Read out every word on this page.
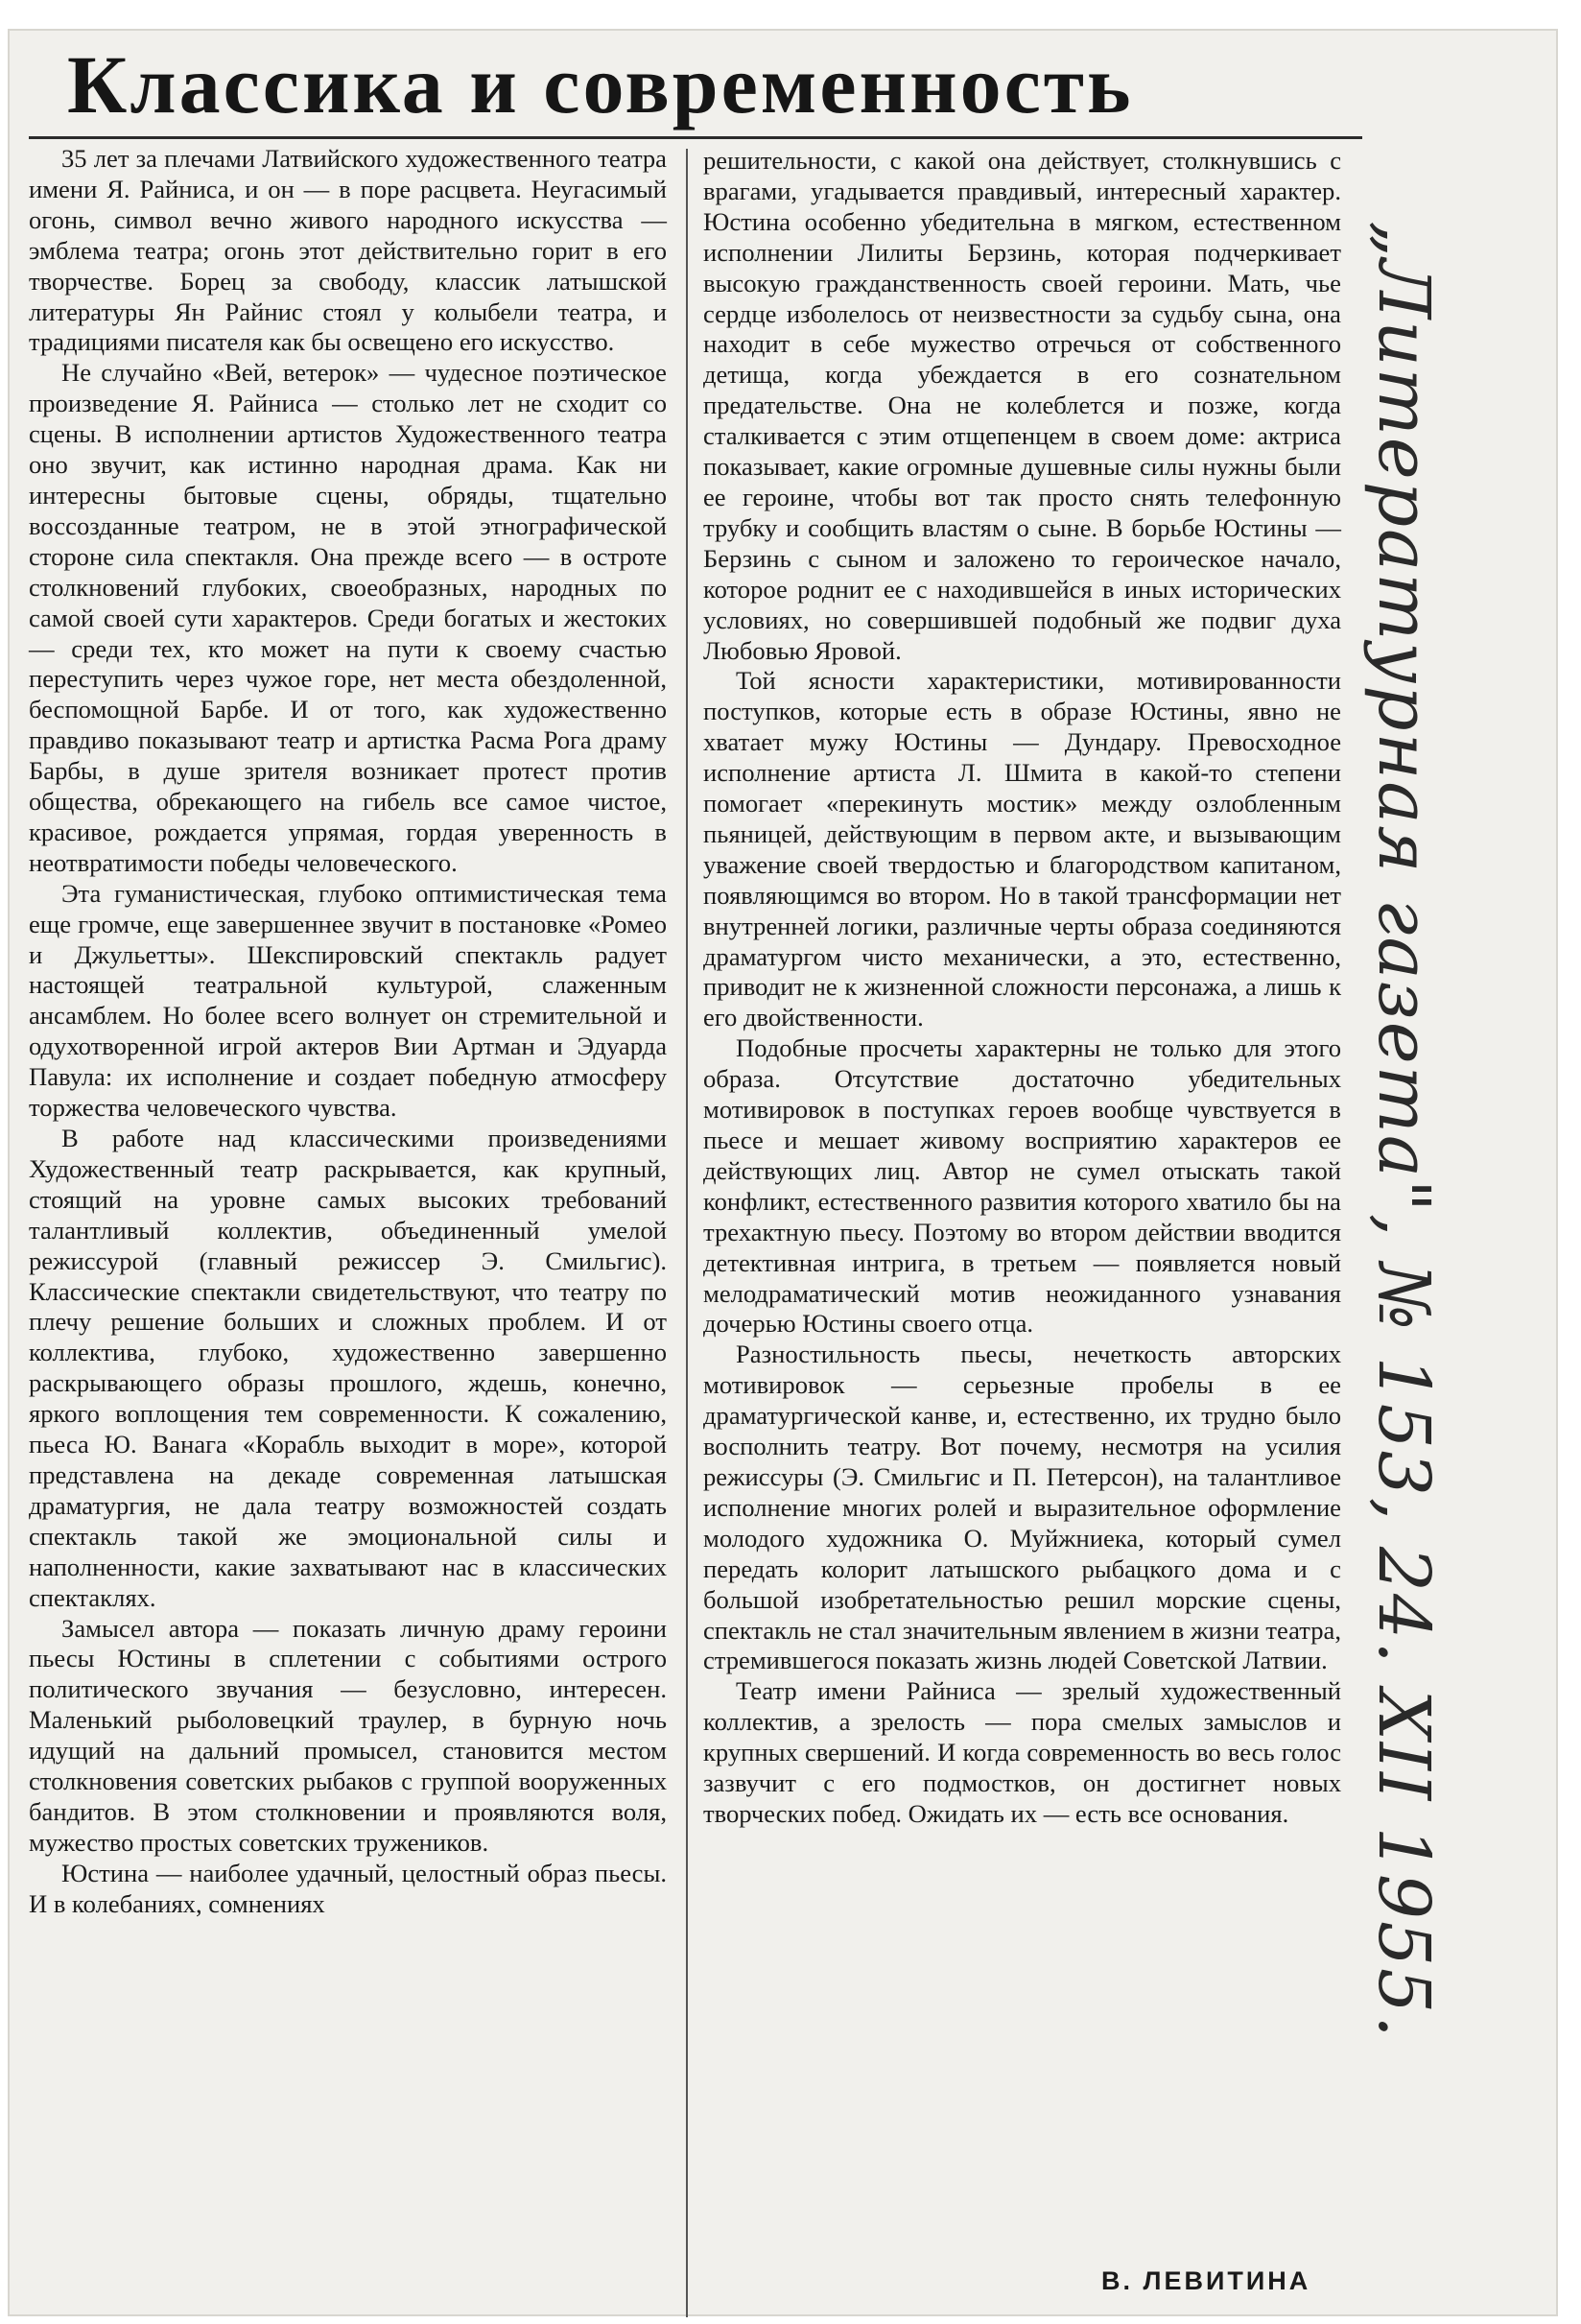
Классика и современность

35 лет за плечами Латвийского художественного театра имени Я. Райниса, и он — в поре расцвета. Неугасимый огонь, символ вечно живого народного искусства — эмблема театра; огонь этот действительно горит в его творчестве. Борец за свободу, классик латышской литературы Ян Райнис стоял у колыбели театра, и традициями писателя как бы освещено его искусство.

Не случайно «Вей, ветерок» — чудесное поэтическое произведение Я. Райниса — столько лет не сходит со сцены. В исполнении артистов Художественного театра оно звучит, как истинно народная драма. Как ни интересны бытовые сцены, обряды, тщательно воссозданные театром, не в этой этнографической стороне сила спектакля. Она прежде всего — в остроте столкновений глубоких, своеобразных, народных по самой своей сути характеров. Среди богатых и жестоких — среди тех, кто может на пути к своему счастью переступить через чужое горе, нет места обездоленной, беспомощной Барбе. И от того, как художественно правдиво показывают театр и артистка Расма Рога драму Барбы, в душе зрителя возникает протест против общества, обрекающего на гибель все самое чистое, красивое, рождается упрямая, гордая уверенность в неотвратимости победы человеческого.

Эта гуманистическая, глубоко оптимистическая тема еще громче, еще завершеннее звучит в постановке «Ромео и Джульетты». Шекспировский спектакль радует настоящей театральной культурой, слаженным ансамблем. Но более всего волнует он стремительной и одухотворенной игрой актеров Вии Артман и Эдуарда Павула: их исполнение и создает победную атмосферу торжества человеческого чувства.

В работе над классическими произведениями Художественный театр раскрывается, как крупный, стоящий на уровне самых высоких требований талантливый коллектив, объединенный умелой режиссурой (главный режиссер Э. Смильгис). Классические спектакли свидетельствуют, что театру по плечу решение больших и сложных проблем. И от коллектива, глубоко, художественно завершенно раскрывающего образы прошлого, ждешь, конечно, яркого воплощения тем современности. К сожалению, пьеса Ю. Ванага «Корабль выходит в море», которой представлена на декаде современная латышская драматургия, не дала театру возможностей создать спектакль такой же эмоциональной силы и наполненности, какие захватывают нас в классических спектаклях.

Замысел автора — показать личную драму героини пьесы Юстины в сплетении с событиями острого политического звучания — безусловно, интересен. Маленький рыболовецкий траулер, в бурную ночь идущий на дальний промысел, становится местом столкновения советских рыбаков с группой вооруженных бандитов. В этом столкновении и проявляются воля, мужество простых советских тружеников.

Юстина — наиболее удачный, целостный образ пьесы. И в колебаниях, сомнениях

решительности, с какой она действует, столкнувшись с врагами, угадывается правдивый, интересный характер. Юстина особенно убедительна в мягком, естественном исполнении Лилиты Берзинь, которая подчеркивает высокую гражданственность своей героини. Мать, чье сердце изболелось от неизвестности за судьбу сына, она находит в себе мужество отречься от собственного детища, когда убеждается в его сознательном предательстве. Она не колеблется и позже, когда сталкивается с этим отщепенцем в своем доме: актриса показывает, какие огромные душевные силы нужны были ее героине, чтобы вот так просто снять телефонную трубку и сообщить властям о сыне. В борьбе Юстины — Берзинь с сыном и заложено то героическое начало, которое роднит ее с находившейся в иных исторических условиях, но совершившей подобный же подвиг духа Любовью Яровой.

Той ясности характеристики, мотивированности поступков, которые есть в образе Юстины, явно не хватает мужу Юстины — Дундару. Превосходное исполнение артиста Л. Шмита в какой-то степени помогает «перекинуть мостик» между озлобленным пьяницей, действующим в первом акте, и вызывающим уважение своей твердостью и благородством капитаном, появляющимся во втором. Но в такой трансформации нет внутренней логики, различные черты образа соединяются драматургом чисто механически, а это, естественно, приводит не к жизненной сложности персонажа, а лишь к его двойственности.

Подобные просчеты характерны не только для этого образа. Отсутствие достаточно убедительных мотивировок в поступках героев вообще чувствуется в пьесе и мешает живому восприятию характеров ее действующих лиц. Автор не сумел отыскать такой конфликт, естественного развития которого хватило бы на трехактную пьесу. Поэтому во втором действии вводится детективная интрига, в третьем — появляется новый мелодраматический мотив неожиданного узнавания дочерью Юстины своего отца.

Разностильность пьесы, нечеткость авторских мотивировок — серьезные пробелы в ее драматургической канве, и, естественно, их трудно было восполнить театру. Вот почему, несмотря на усилия режиссуры (Э. Смильгис и П. Петерсон), на талантливое исполнение многих ролей и выразительное оформление молодого художника О. Муйжниека, который сумел передать колорит латышского рыбацкого дома и с большой изобретательностью решил морские сцены, спектакль не стал значительным явлением в жизни театра, стремившегося показать жизнь людей Советской Латвии.

Театр имени Райниса — зрелый художественный коллектив, а зрелость — пора смелых замыслов и крупных свершений. И когда современность во весь голос зазвучит с его подмостков, он достигнет новых творческих побед. Ожидать их — есть все основания.

В. ЛЕВИТИНА
„Литературная газета", № 153, 24. XII 1955.
